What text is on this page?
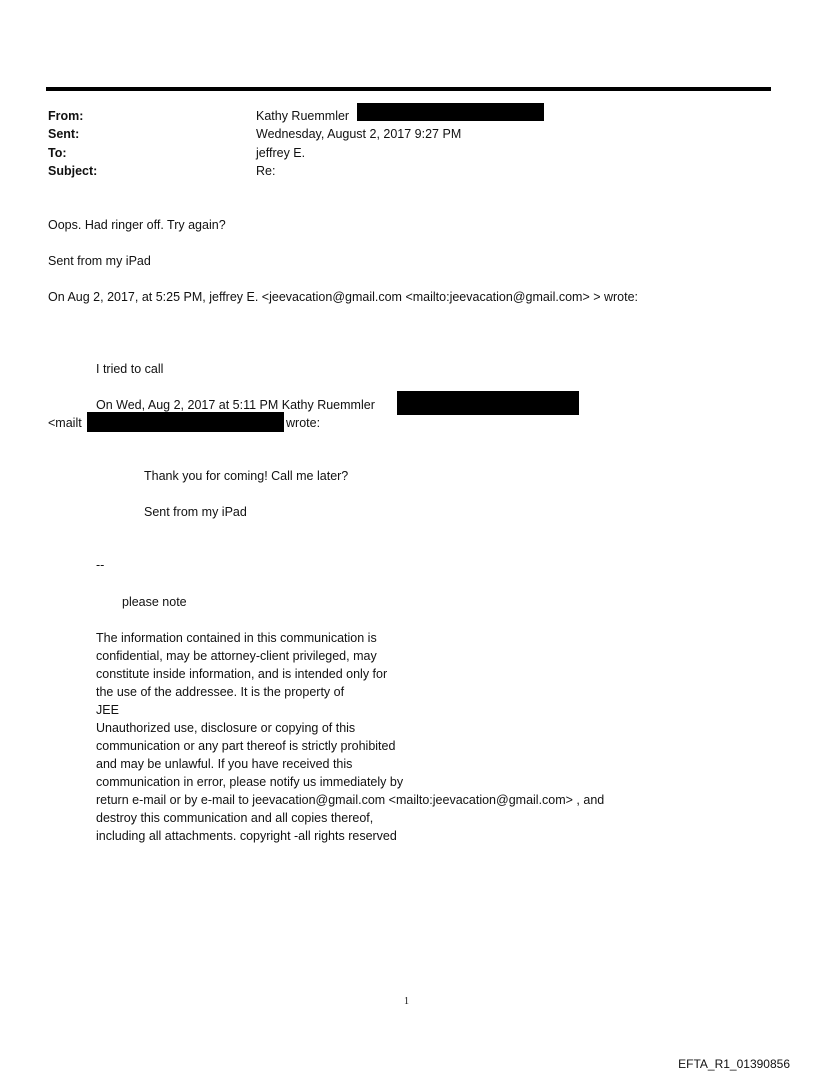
From:	Kathy Ruemmler
Sent:	Wednesday, August 2, 2017 9:27 PM
To:	jeffrey E.
Subject:	Re:
Oops. Had ringer off. Try again?
Sent from my iPad
On Aug 2, 2017, at 5:25 PM, jeffrey E. <jeevacation@gmail.com <mailto:jeevacation@gmail.com> > wrote:
I tried to call
On Wed, Aug 2, 2017 at 5:11 PM Kathy Ruemmler
<mailt	wrote:
Thank you for coming! Call me later?
Sent from my iPad
--
please note
The information contained in this communication is
confidential, may be attorney-client privileged, may
constitute inside information, and is intended only for
the use of the addressee. It is the property of
JEE
Unauthorized use, disclosure or copying of this
communication or any part thereof is strictly prohibited
and may be unlawful. If you have received this
communication in error, please notify us immediately by
return e-mail or by e-mail to jeevacation@gmail.com <mailto:jeevacation@gmail.com> , and
destroy this communication and all copies thereof,
including all attachments. copyright -all rights reserved
1
EFTA_R1_01390856
